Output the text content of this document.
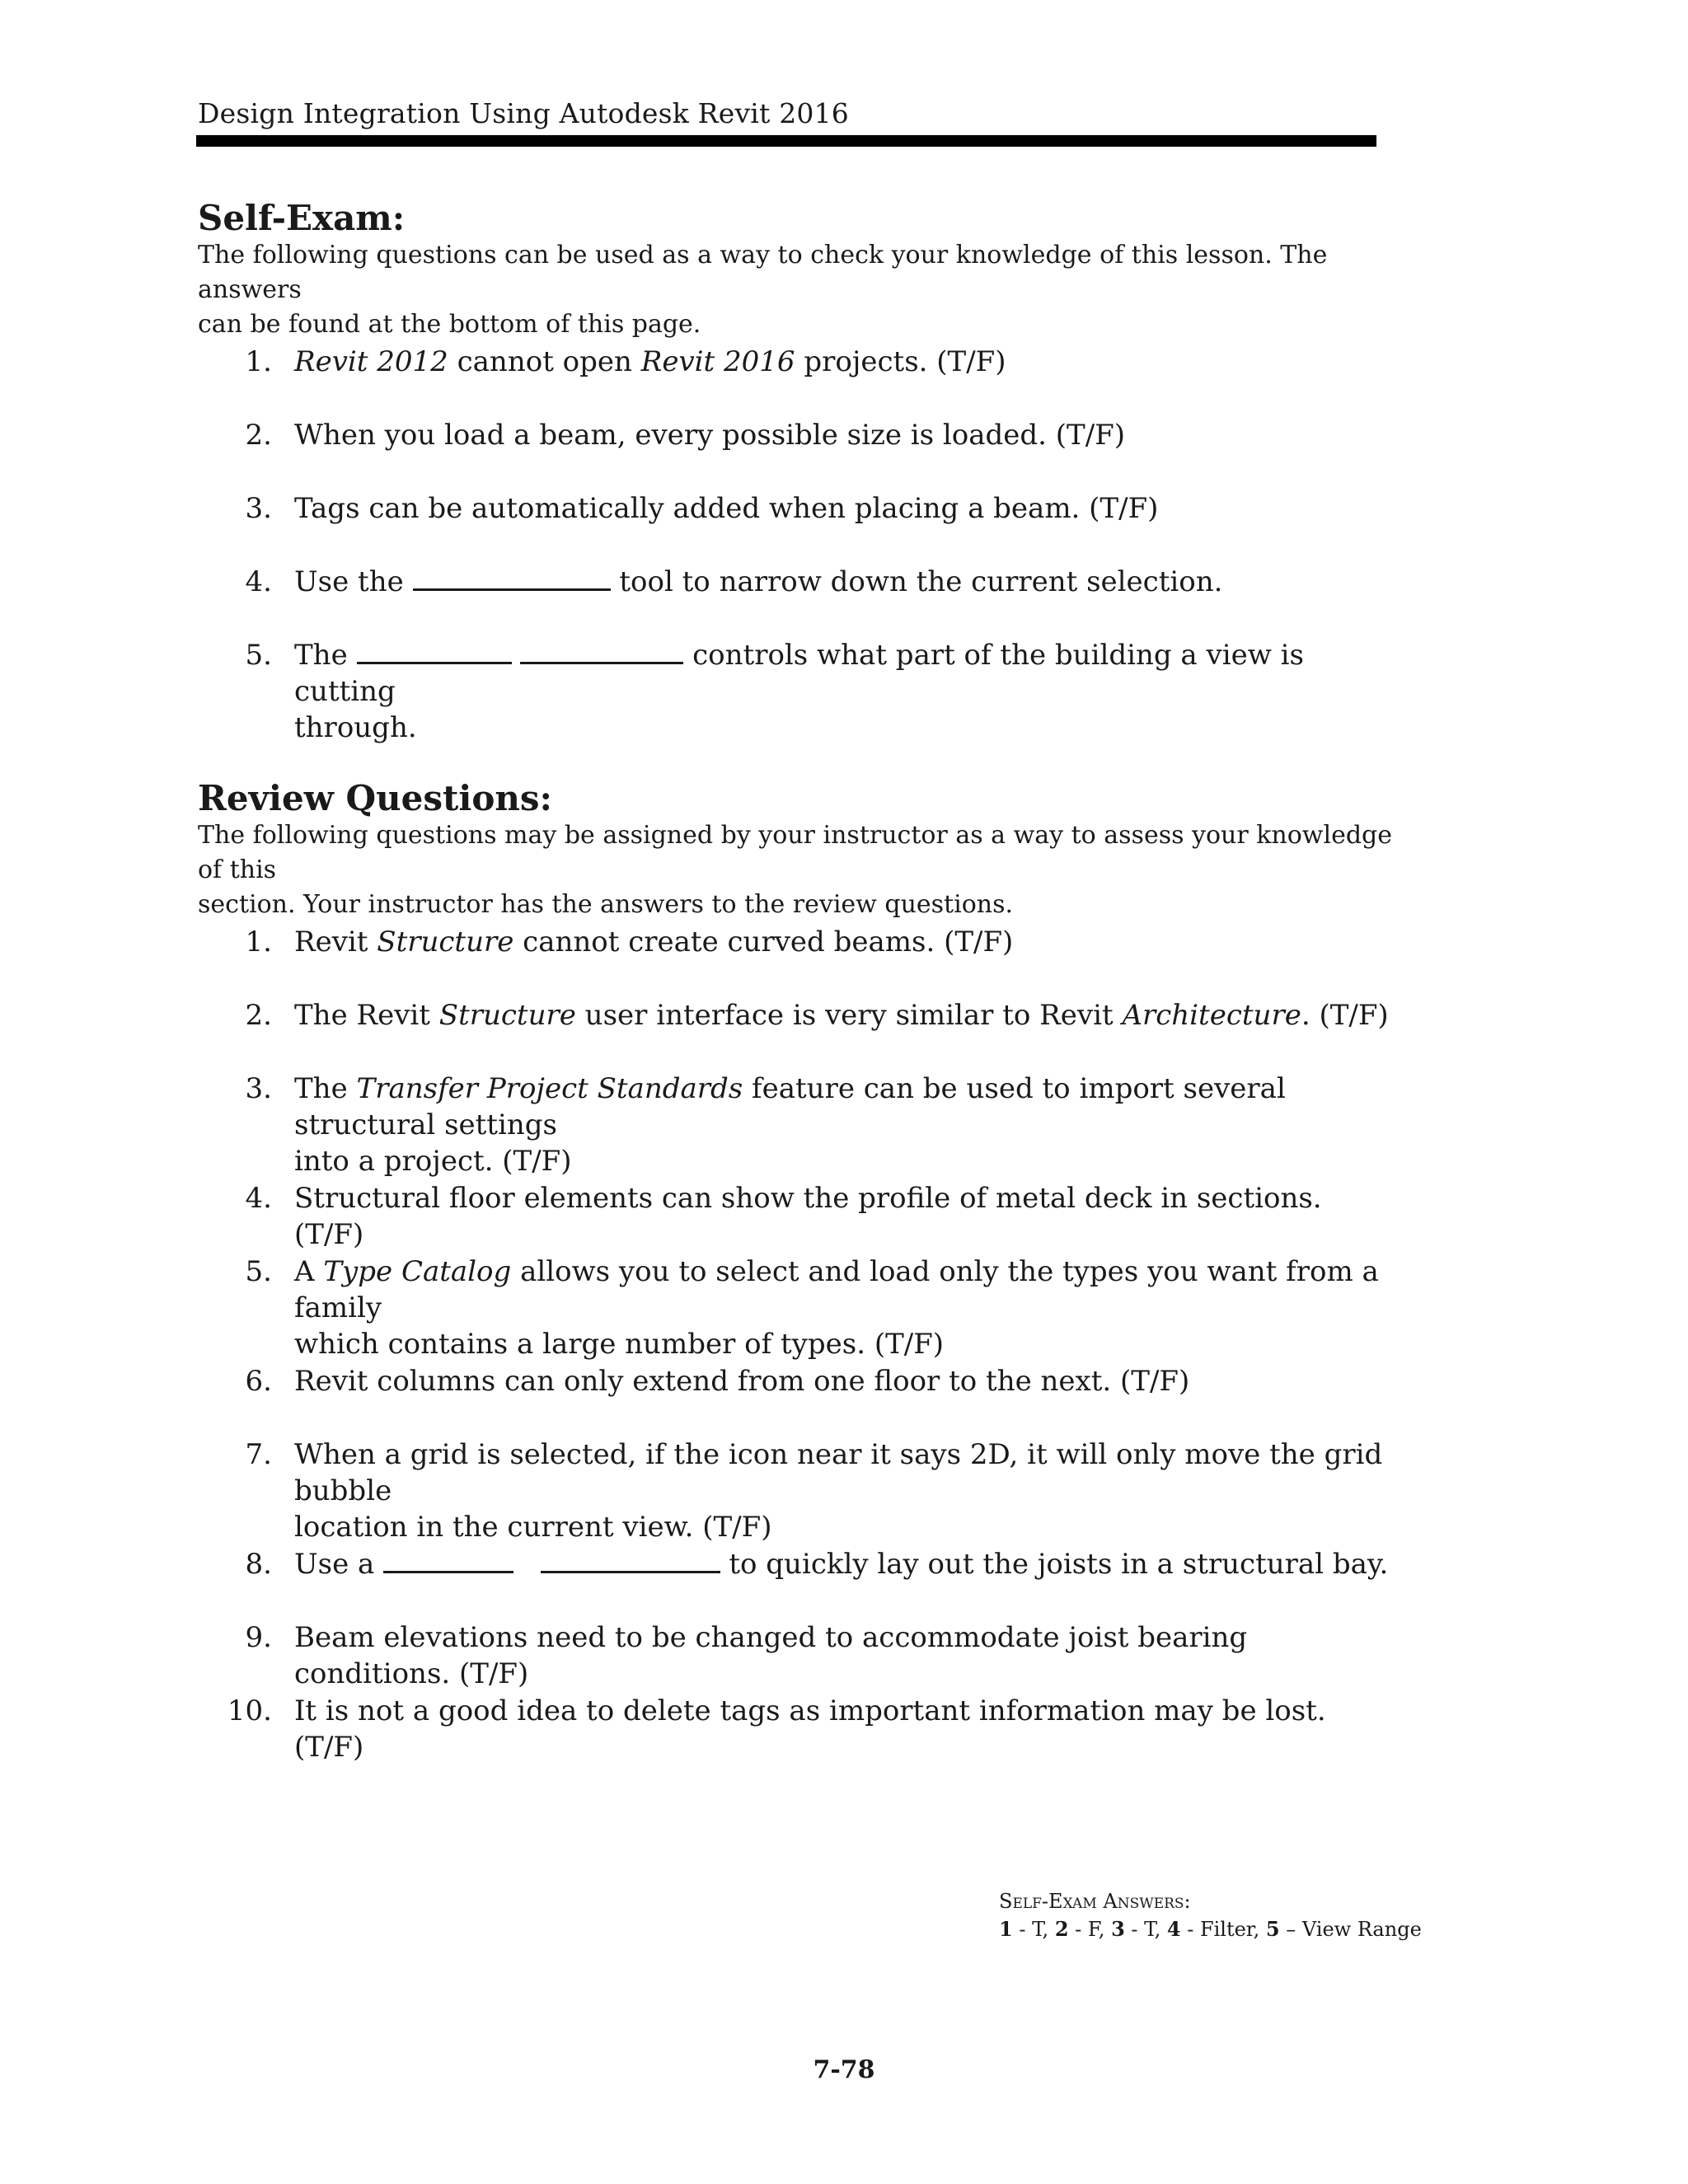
Design Integration Using Autodesk Revit 2016
Self-Exam:

The following questions can be used as a way to check your knowledge of this lesson. The answers
can be found at the bottom of this page.

1. Revit 2012 cannot open Revit 2016 projects. (T/F)
2. When you load a beam, every possible size is loaded. (T/F)
3. Tags can be automatically added when placing a beam. (T/F)
4. Use the	tool to narrow down the current selection.
5. The	controls what part of the building a view is cutting
through.
Review Questions:

The following questions may be assigned by your instructor as a way to assess your knowledge of this
section. Your instructor has the answers to the review questions.

1. Revit Structure cannot create curved beams. (T/F)
2. The Revit Structure user interface is very similar to Revit Architecture. (T/F)
3. The Transfer Project Standards feature can be used to import several structural settings
into a project. (T/F)
4. Structural floor elements can show the profile of metal deck in sections. (T/F)
5. A Type Catalog allows you to select and load only the types you want from a family
which contains a large number of types. (T/F)
6. Revit columns can only extend from one floor to the next. (T/F)
7. When a grid is selected, if the icon near it says 2D, it will only move the grid bubble
location in the current view. (T/F)
8. Use a	to quickly lay out the joists in a structural bay.
9. Beam elevations need to be changed to accommodate joist bearing conditions. (T/F)
10. It is not a good idea to delete tags as important information may be lost. (T/F)
Self-Exam Answers:
1 - T, 2 - F, 3 - T, 4 - Filter, 5 – View Range
7-78
